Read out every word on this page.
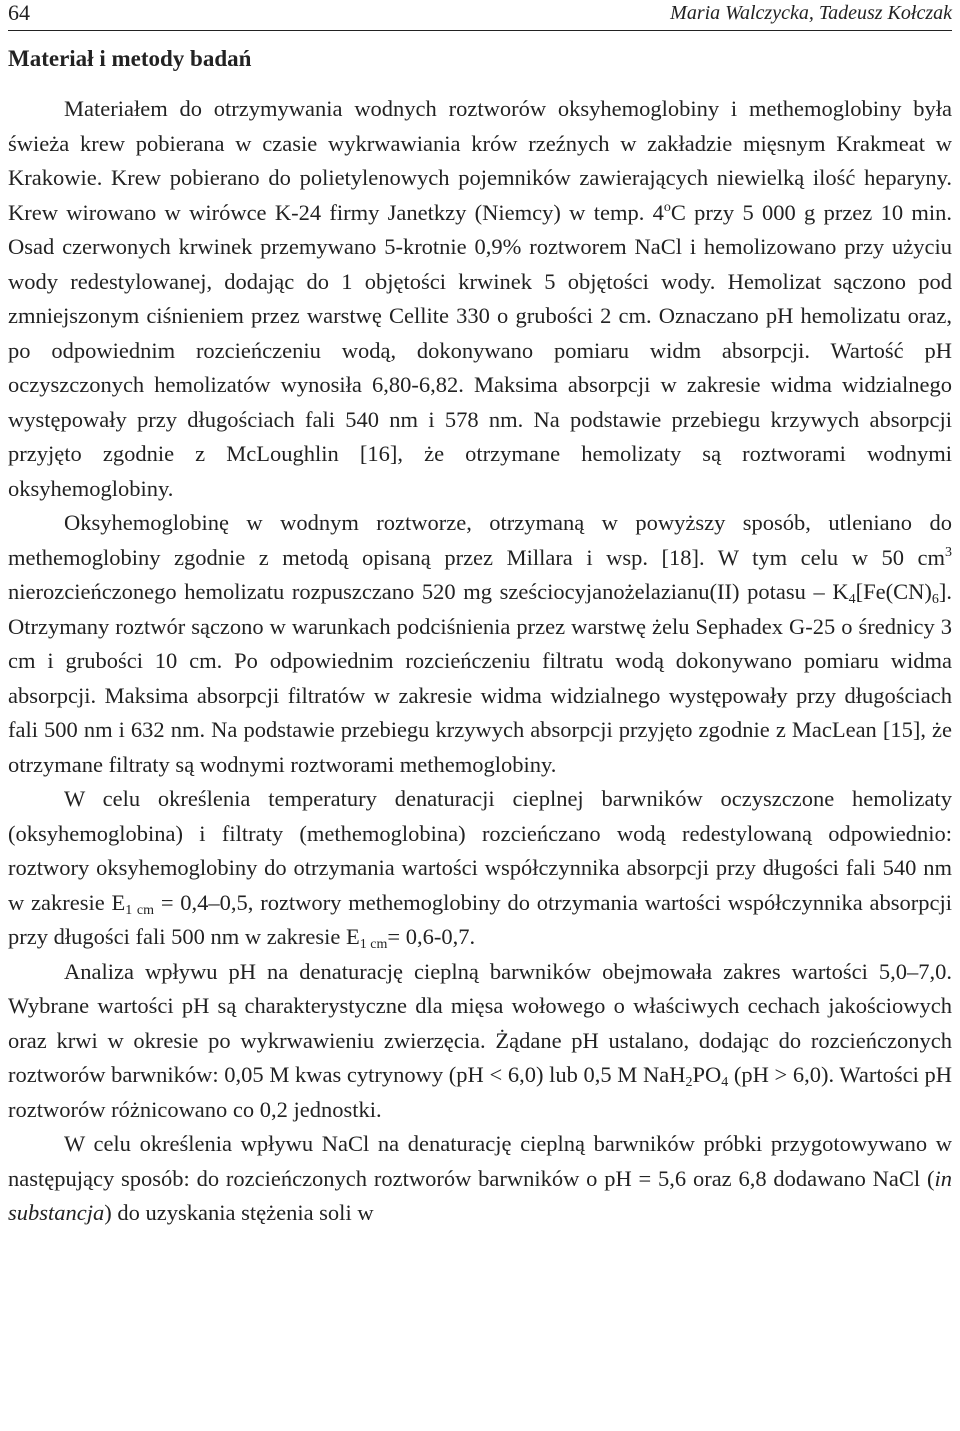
64	Maria Walczycka, Tadeusz Kołczak
Materiał i metody badań

Materiałem do otrzymywania wodnych roztworów oksyhemoglobiny i methemoglobiny była świeża krew pobierana w czasie wykrwawiania krów rzeźnych w zakładzie mięsnym Krakmeat w Krakowie. Krew pobierano do polietylenowych pojemników zawierających niewielką ilość heparyny. Krew wirowano w wirówce K-24 firmy Janetkzy (Niemcy) w temp. 4$^o$C przy 5 000 g przez 10 min. Osad czerwonych krwinek przemywano 5-krotnie 0,9% roztworem NaCl i hemolizowano przy użyciu wody redestylowanej, dodając do 1 objętości krwinek 5 objętości wody. Hemolizat sączono pod zmniejszonym ciśnieniem przez warstwę Cellite 330 o grubości 2 cm. Oznaczano pH hemolizatu oraz, po odpowiednim rozcieńczeniu wodą, dokonywano pomiaru widm absorpcji. Wartość pH oczyszczonych hemolizatów wynosiła 6,80-6,82. Maksima absorpcji w zakresie widma widzialnego występowały przy długościach fali 540 nm i 578 nm. Na podstawie przebiegu krzywych absorpcji przyjęto zgodnie z McLoughlin [16], że otrzymane hemolizaty są roztworami wodnymi oksyhemoglobiny.

Oksyhemoglobinę w wodnym roztworze, otrzymaną w powyższy sposób, utleniano do methemoglobiny zgodnie z metodą opisaną przez Millara i wsp. [18]. W tym celu w 50 $cm^3$ nierozcieńczonego hemolizatu rozpuszczano 520 mg sześciocyjanożelazianu(II) potasu – $K_4[Fe(CN)_6]$. Otrzymany roztwór sączono w warunkach podciśnienia przez warstwę żelu Sephadex G-25 o średnicy 3 cm i grubości 10 cm. Po odpowiednim rozcieńczeniu filtratu wodą dokonywano pomiaru widma absorpcji. Maksima absorpcji filtratów w zakresie widma widzialnego występowały przy długościach fali 500 nm i 632 nm. Na podstawie przebiegu krzywych absorpcji przyjęto zgodnie z MacLean [15], że otrzymane filtraty są wodnymi roztworami methemoglobiny.

W celu określenia temperatury denaturacji cieplnej barwników oczyszczone hemolizaty (oksyhemoglobina) i filtraty (methemoglobina) rozcieńczano wodą redestylowaną odpowiednio: roztwory oksyhemoglobiny do otrzymania wartości współczynnika absorpcji przy długości fali 540 nm w zakresie $E_{1 cm} = 0,4-0,5$, roztwory methemoglobiny do otrzymania wartości współczynnika absorpcji przy długości fali 500 nm w zakresie $E_{1 cm}= 0,6-0,7$.

Analiza wpływu pH na denaturację cieplną barwników obejmowała zakres wartości 5,0–7,0. Wybrane wartości pH są charakterystyczne dla mięsa wołowego o właściwych cechach jakościowych oraz krwi w okresie po wykrwawieniu zwierzęcia. Żądane pH ustalano, dodając do rozcieńczonych roztworów barwników: 0,05 M kwas cytrynowy (pH < 6,0) lub 0,5 M $NaH_2PO_4$ (pH > 6,0). Wartości pH roztworów różnicowano co 0,2 jednostki.

W celu określenia wpływu NaCl na denaturację cieplną barwników próbki przygotowywano w następujący sposób: do rozcieńczonych roztworów barwników o pH = 5,6 oraz 6,8 dodawano NaCl (in substancja) do uzyskania stężenia soli w
